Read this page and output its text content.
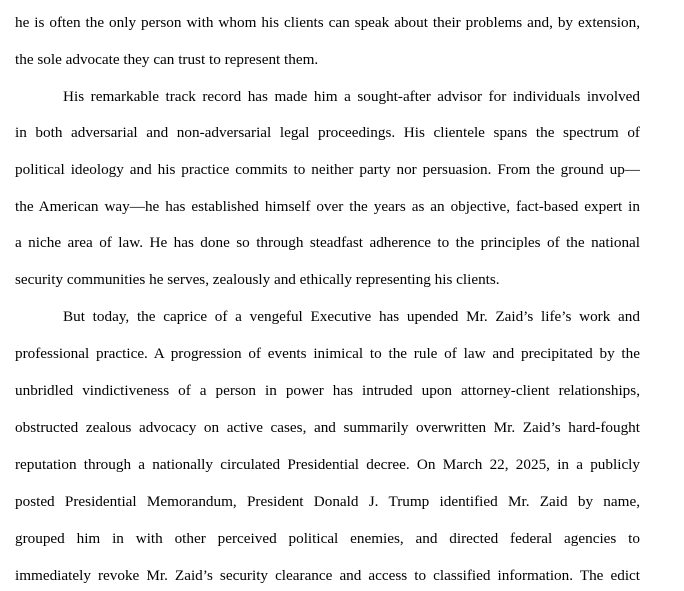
he is often the only person with whom his clients can speak about their problems and, by extension,
the sole advocate they can trust to represent them.
His remarkable track record has made him a sought-after advisor for individuals involved
in both adversarial and non-adversarial legal proceedings. His clientele spans the spectrum of
political ideology and his practice commits to neither party nor persuasion. From the ground up—
the American way—he has established himself over the years as an objective, fact-based expert in
a niche area of law. He has done so through steadfast adherence to the principles of the national
security communities he serves, zealously and ethically representing his clients.
But today, the caprice of a vengeful Executive has upended Mr. Zaid’s life’s work and
professional practice. A progression of events inimical to the rule of law and precipitated by the
unbridled vindictiveness of a person in power has intruded upon attorney-client relationships,
obstructed zealous advocacy on active cases, and summarily overwritten Mr. Zaid’s hard-fought
reputation through a nationally circulated Presidential decree. On March 22, 2025, in a publicly
posted Presidential Memorandum, President Donald J. Trump identified Mr. Zaid by name,
grouped him in with other perceived political enemies, and directed federal agencies to
immediately revoke Mr. Zaid’s security clearance and access to classified information. The edict
